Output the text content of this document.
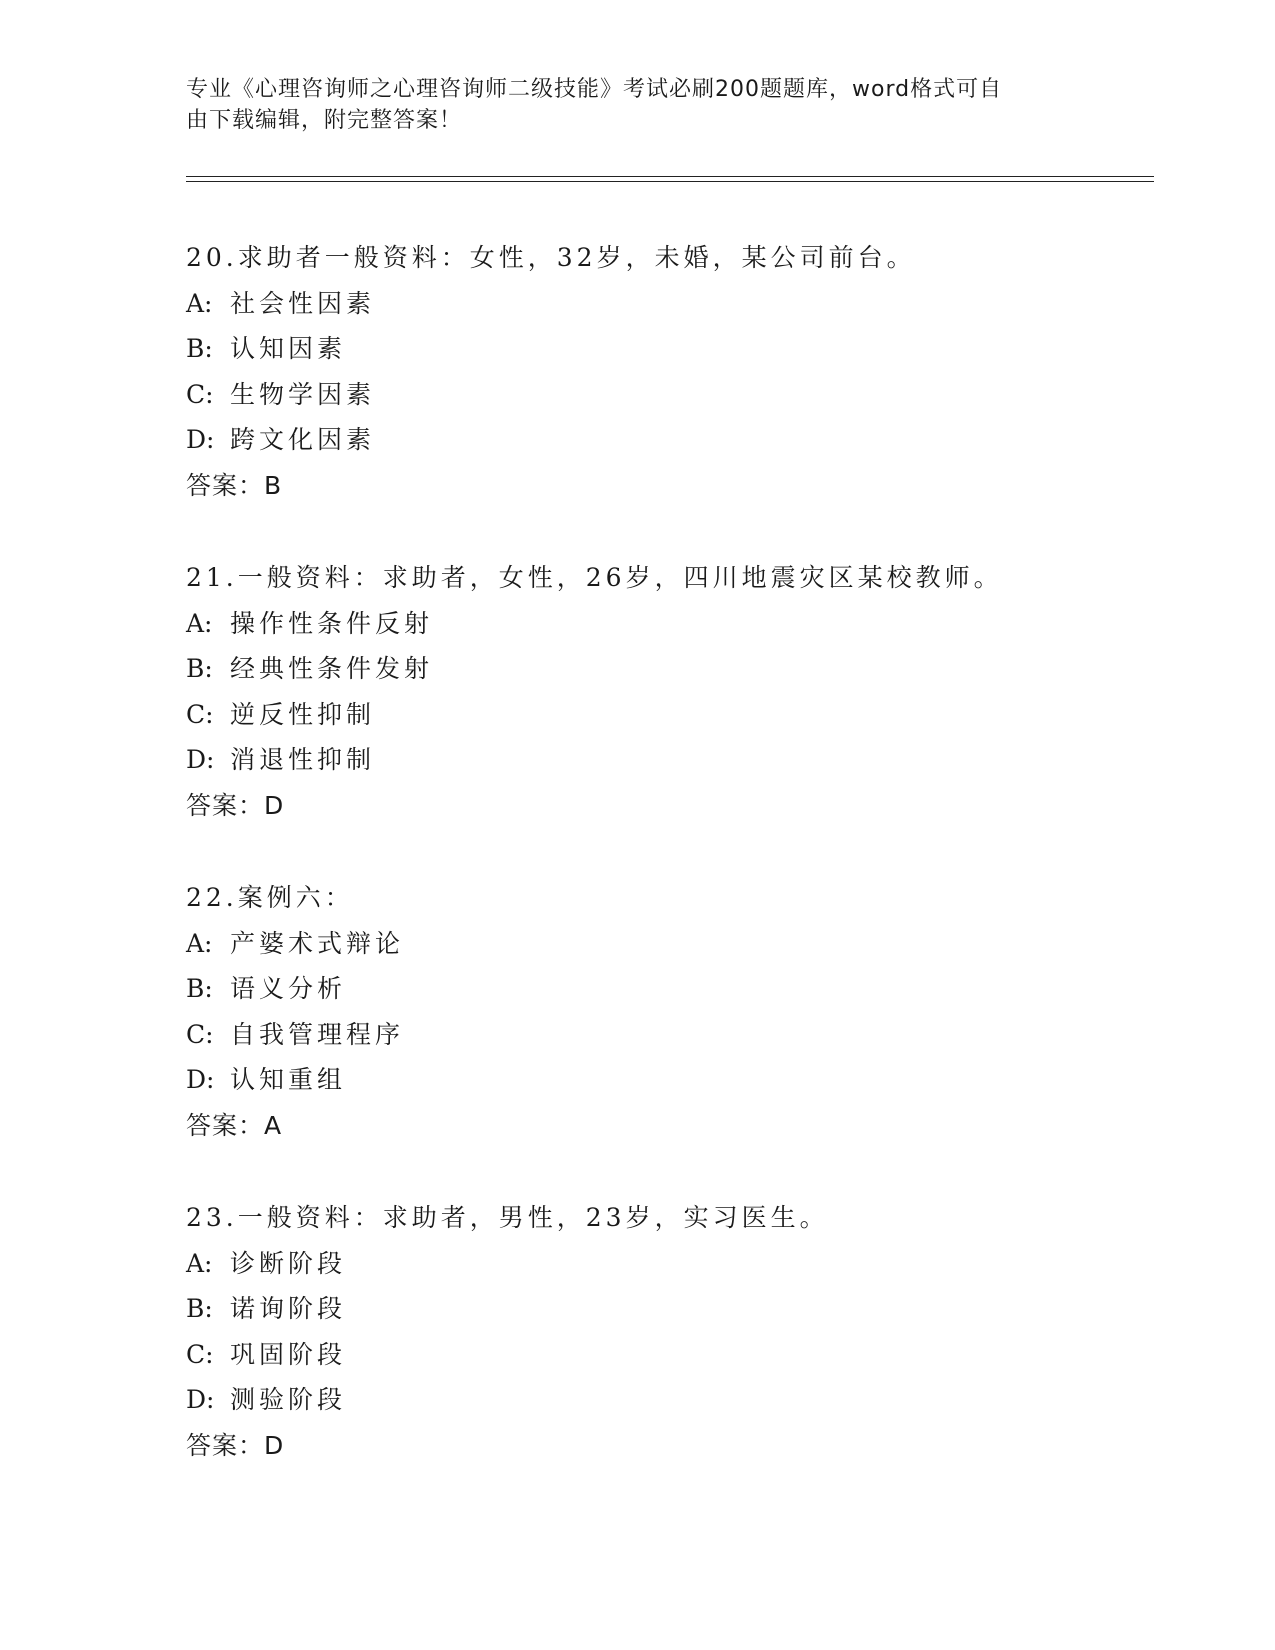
专业《心理咨询师之心理咨询师二级技能》考试必刷200题题库，word格式可自
由下载编辑，附完整答案！
20.求助者一般资料：女性，32岁，未婚，某公司前台。
A: 社会性因素
B: 认知因素
C: 生物学因素
D: 跨文化因素
答案：B
21.一般资料：求助者，女性，26岁，四川地震灾区某校教师。
A: 操作性条件反射
B: 经典性条件发射
C: 逆反性抑制
D: 消退性抑制
答案：D
22.案例六：
A: 产婆术式辩论
B: 语义分析
C: 自我管理程序
D: 认知重组
答案：A
23.一般资料：求助者，男性，23岁，实习医生。
A: 诊断阶段
B: 诺询阶段
C: 巩固阶段
D: 测验阶段
答案：D
